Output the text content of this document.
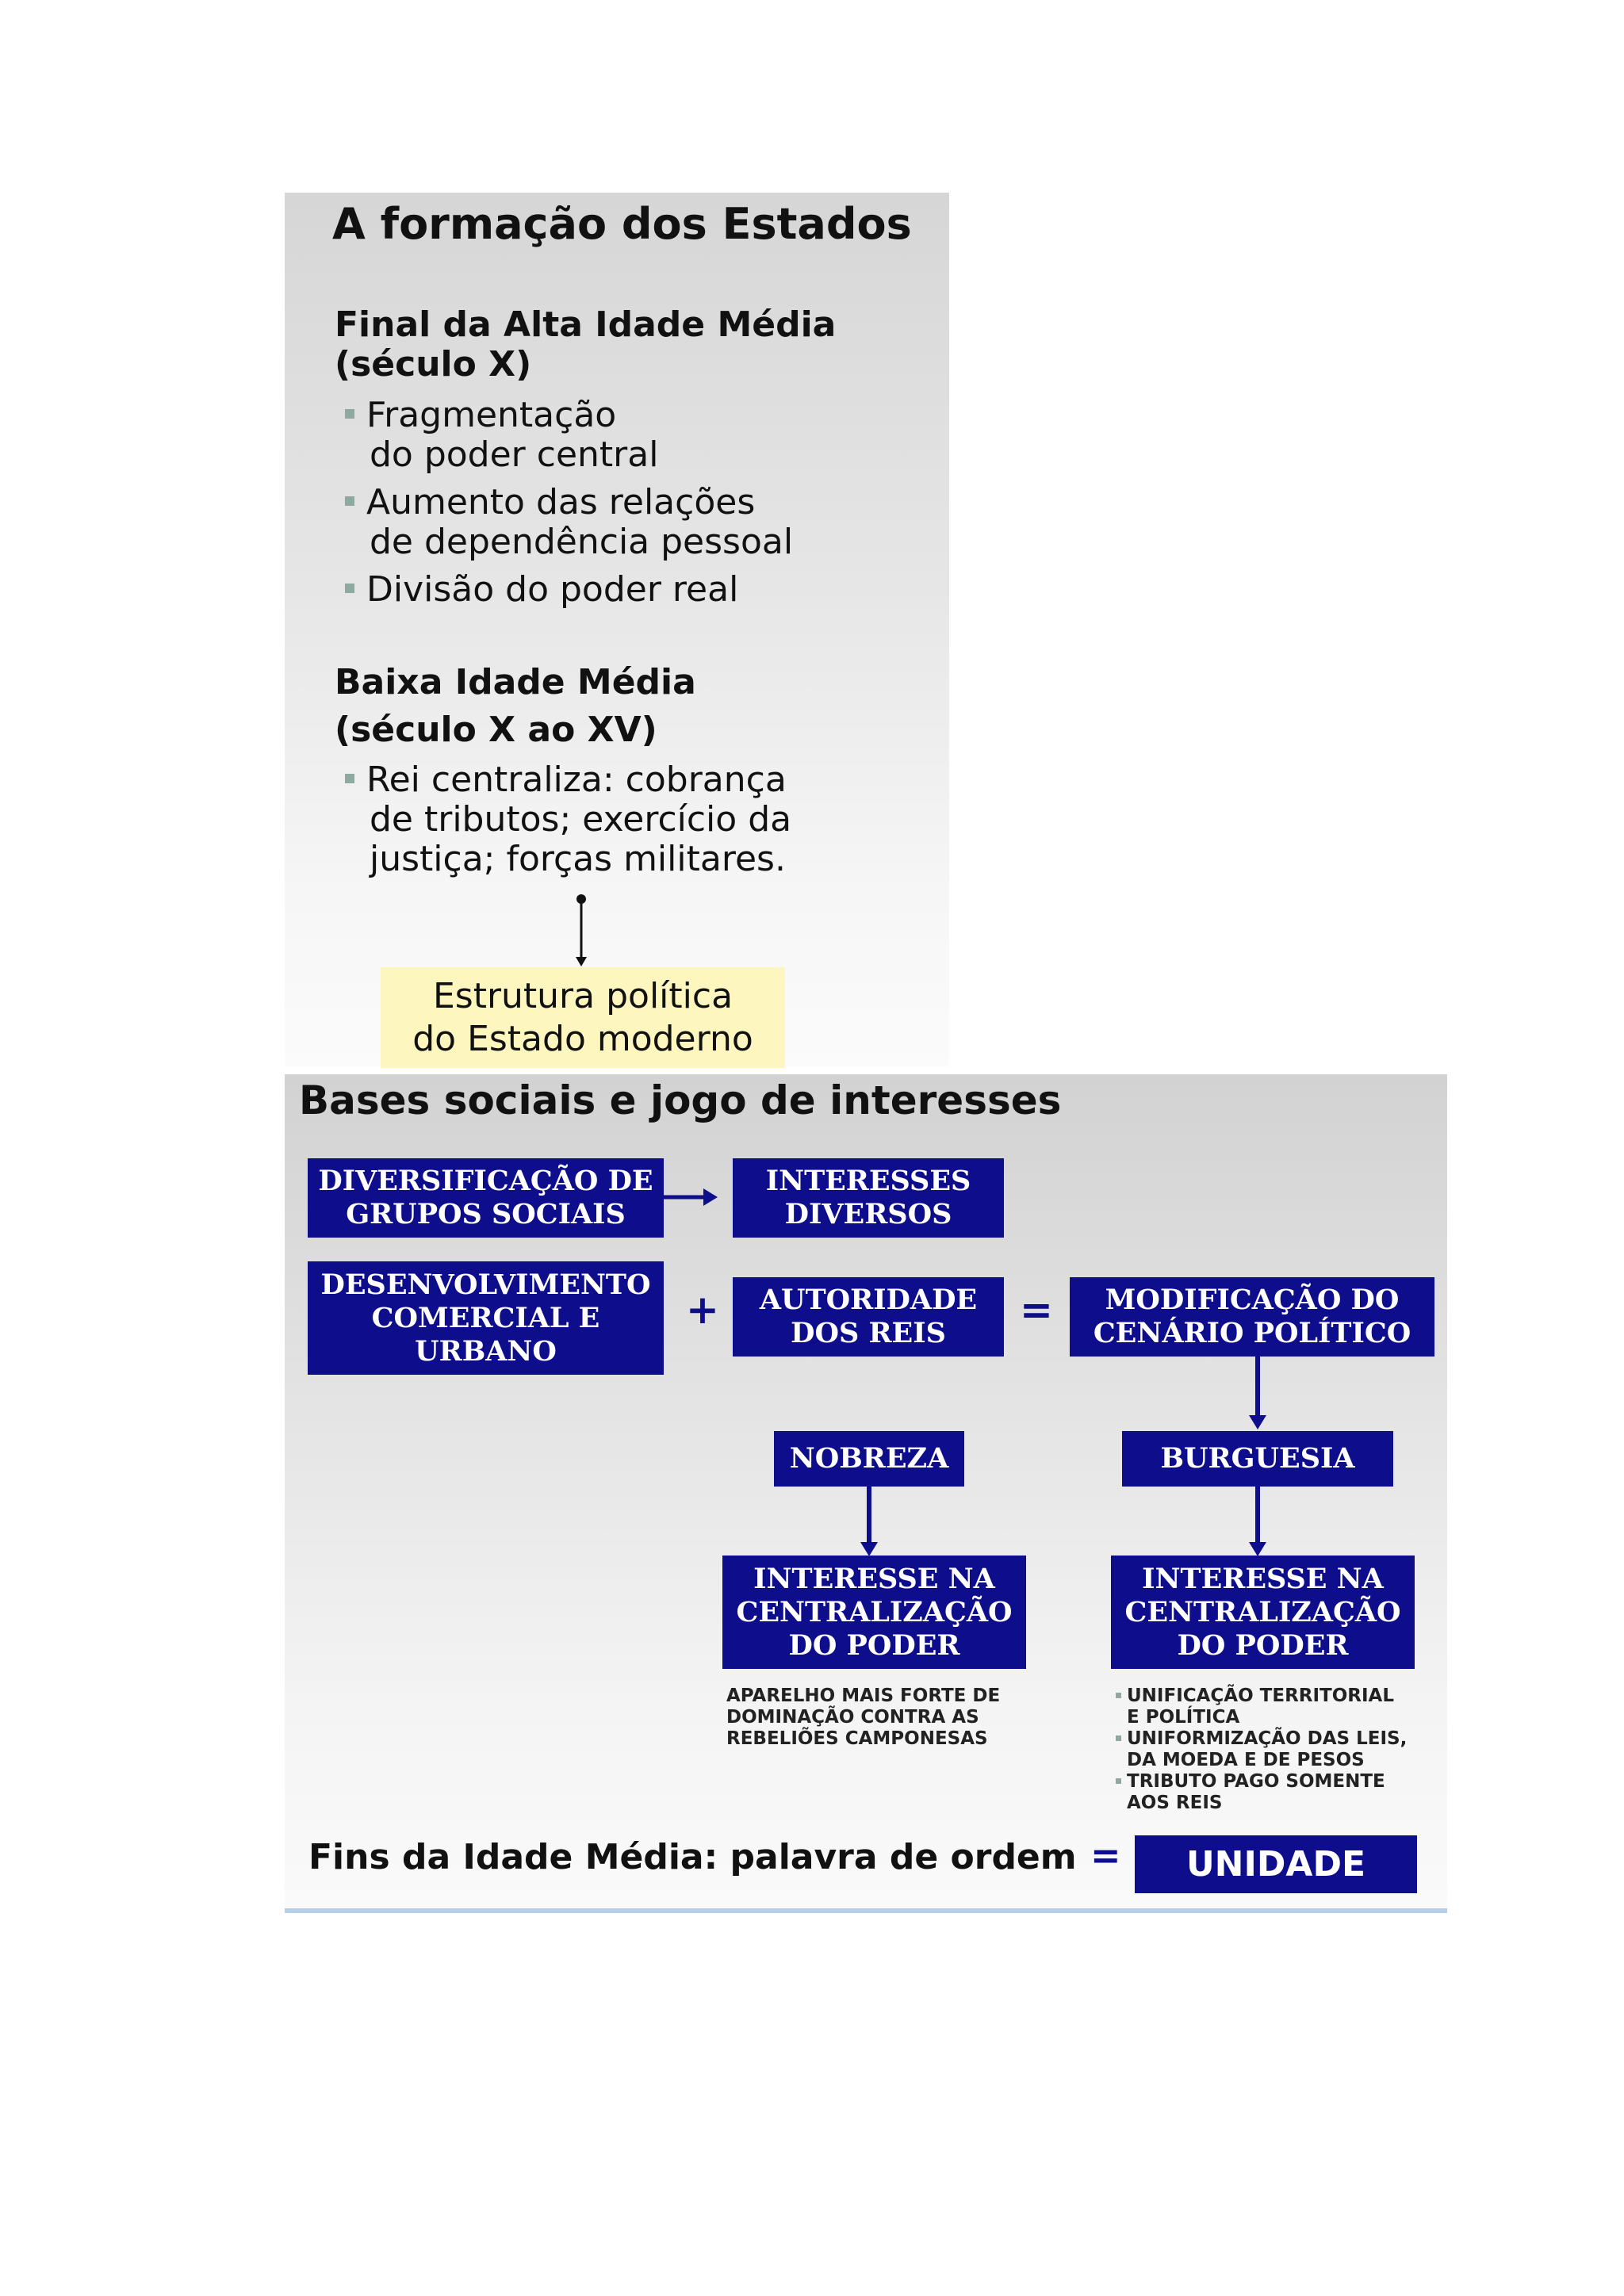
A formação dos Estados
Final da Alta Idade Média
(século X)
Fragmentação
do poder central
Aumento das relações
de dependência pessoal
Divisão do poder real
Baixa Idade Média
(século X ao XV)
Rei centraliza: cobrança
de tributos; exercício da
justiça; forças militares.
Estrutura política
do Estado moderno
Bases sociais e jogo de interesses
DIVERSIFICAÇÃO DE
GRUPOS SOCIAIS
INTERESSES
DIVERSOS
DESENVOLVIMENTO
COMERCIAL E
URBANO
+ AUTORIDADE
DOS REIS
=	MODIFICAÇÃO DO
CENÁRIO POLÍTICO
NOBREZA	BURGUESIA
INTERESSE NA
CENTRALIZAÇÃO
DO PODER
INTERESSE NA
CENTRALIZAÇÃO
DO PODER
APARELHO MAIS FORTE DE
DOMINAÇÃO CONTRA AS
REBELIÕES CAMPONESAS
UNIFICAÇÃO TERRITORIAL
E POLÍTICA
UNIFORMIZAÇÃO DAS LEIS,
DA MOEDA E DE PESOS
TRIBUTO PAGO SOMENTE
AOS REIS
Fins da Idade Média: palavra de ordem =	UNIDADE
